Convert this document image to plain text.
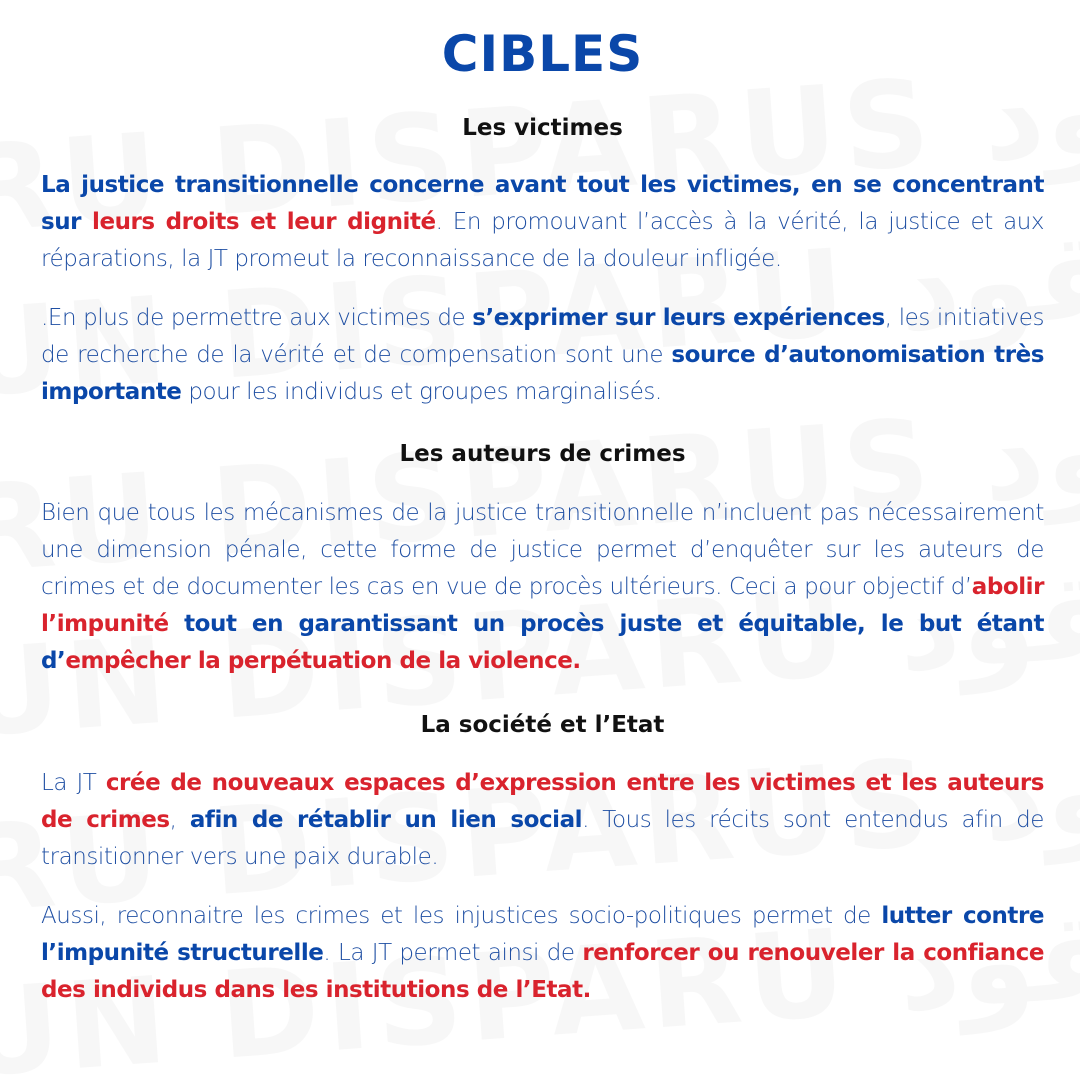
CIBLES
Les victimes

La justice transitionnelle concerne avant tout les victimes, en se concentrant sur leurs droits et leur dignité. En promouvant l’accès à la vérité, la justice et aux réparations, la JT promeut la reconnaissance de la douleur infligée.

.En plus de permettre aux victimes de s’exprimer sur leurs expériences, les initiatives de recherche de la vérité et de compensation sont une source d’autonomisation très importante pour les individus et groupes marginalisés.

Les auteurs de crimes

Bien que tous les mécanismes de la justice transitionnelle n’incluent pas nécessairement une dimension pénale, cette forme de justice permet d’enquêter sur les auteurs de crimes et de documenter les cas en vue de procès ultérieurs. Ceci a pour objectif d’abolir l’impunité tout en garantissant un procès juste et équitable, le but étant d’empêcher la perpétuation de la violence.

La société et l’Etat

La JT crée de nouveaux espaces d’expression entre les victimes et les auteurs de crimes, afin de rétablir un lien social. Tous les récits sont entendus afin de transitionner vers une paix durable.

Aussi, reconnaitre les crimes et les injustices socio-politiques permet de lutter contre l’impunité structurelle. La JT permet ainsi de renforcer ou renouveler la confiance des individus dans les institutions de l’Etat.
